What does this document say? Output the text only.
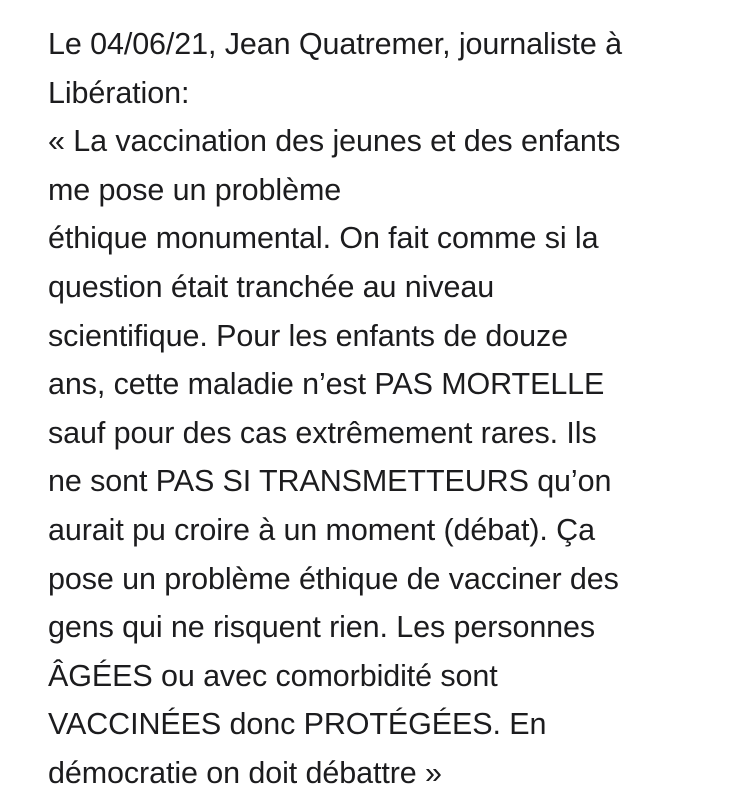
Le 04/06/21, Jean Quatremer, journaliste à
Libération:
« La vaccination des jeunes et des enfants
me pose un problème
éthique monumental. On fait comme si la
question était tranchée au niveau
scientifique. Pour les enfants de douze
ans, cette maladie n’est PAS MORTELLE
sauf pour des cas extrêmement rares. Ils
ne sont PAS SI TRANSMETTEURS qu’on
aurait pu croire à un moment (débat). Ça
pose un problème éthique de vacciner des
gens qui ne risquent rien. Les personnes
ÂGÉES ou avec comorbidité sont
VACCINÉES donc PROTÉGÉES. En
démocratie on doit débattre »
